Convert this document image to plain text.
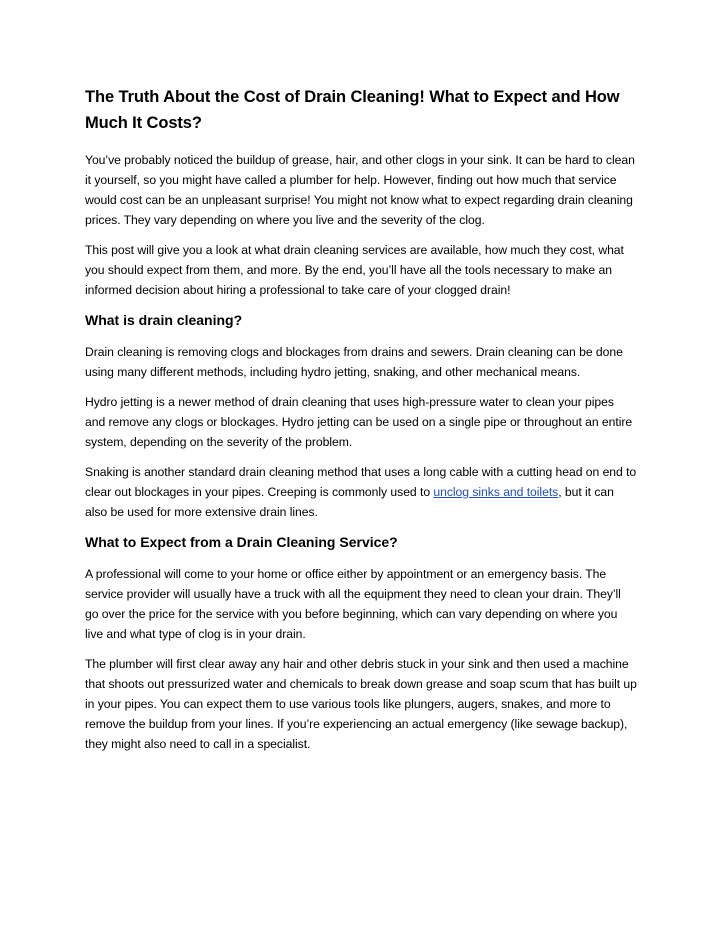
The Truth About the Cost of Drain Cleaning! What to Expect and How Much It Costs?

You’ve probably noticed the buildup of grease, hair, and other clogs in your sink. It can be hard to clean it yourself, so you might have called a plumber for help. However, finding out how much that service would cost can be an unpleasant surprise! You might not know what to expect regarding drain cleaning prices. They vary depending on where you live and the severity of the clog.

This post will give you a look at what drain cleaning services are available, how much they cost, what you should expect from them, and more. By the end, you’ll have all the tools necessary to make an informed decision about hiring a professional to take care of your clogged drain!

What is drain cleaning?

Drain cleaning is removing clogs and blockages from drains and sewers. Drain cleaning can be done using many different methods, including hydro jetting, snaking, and other mechanical means.

Hydro jetting is a newer method of drain cleaning that uses high-pressure water to clean your pipes and remove any clogs or blockages. Hydro jetting can be used on a single pipe or throughout an entire system, depending on the severity of the problem.

Snaking is another standard drain cleaning method that uses a long cable with a cutting head on end to clear out blockages in your pipes. Creeping is commonly used to unclog sinks and toilets, but it can also be used for more extensive drain lines.

What to Expect from a Drain Cleaning Service?

A professional will come to your home or office either by appointment or an emergency basis. The service provider will usually have a truck with all the equipment they need to clean your drain. They’ll go over the price for the service with you before beginning, which can vary depending on where you live and what type of clog is in your drain.

The plumber will first clear away any hair and other debris stuck in your sink and then used a machine that shoots out pressurized water and chemicals to break down grease and soap scum that has built up in your pipes. You can expect them to use various tools like plungers, augers, snakes, and more to remove the buildup from your lines. If you’re experiencing an actual emergency (like sewage backup), they might also need to call in a specialist.
